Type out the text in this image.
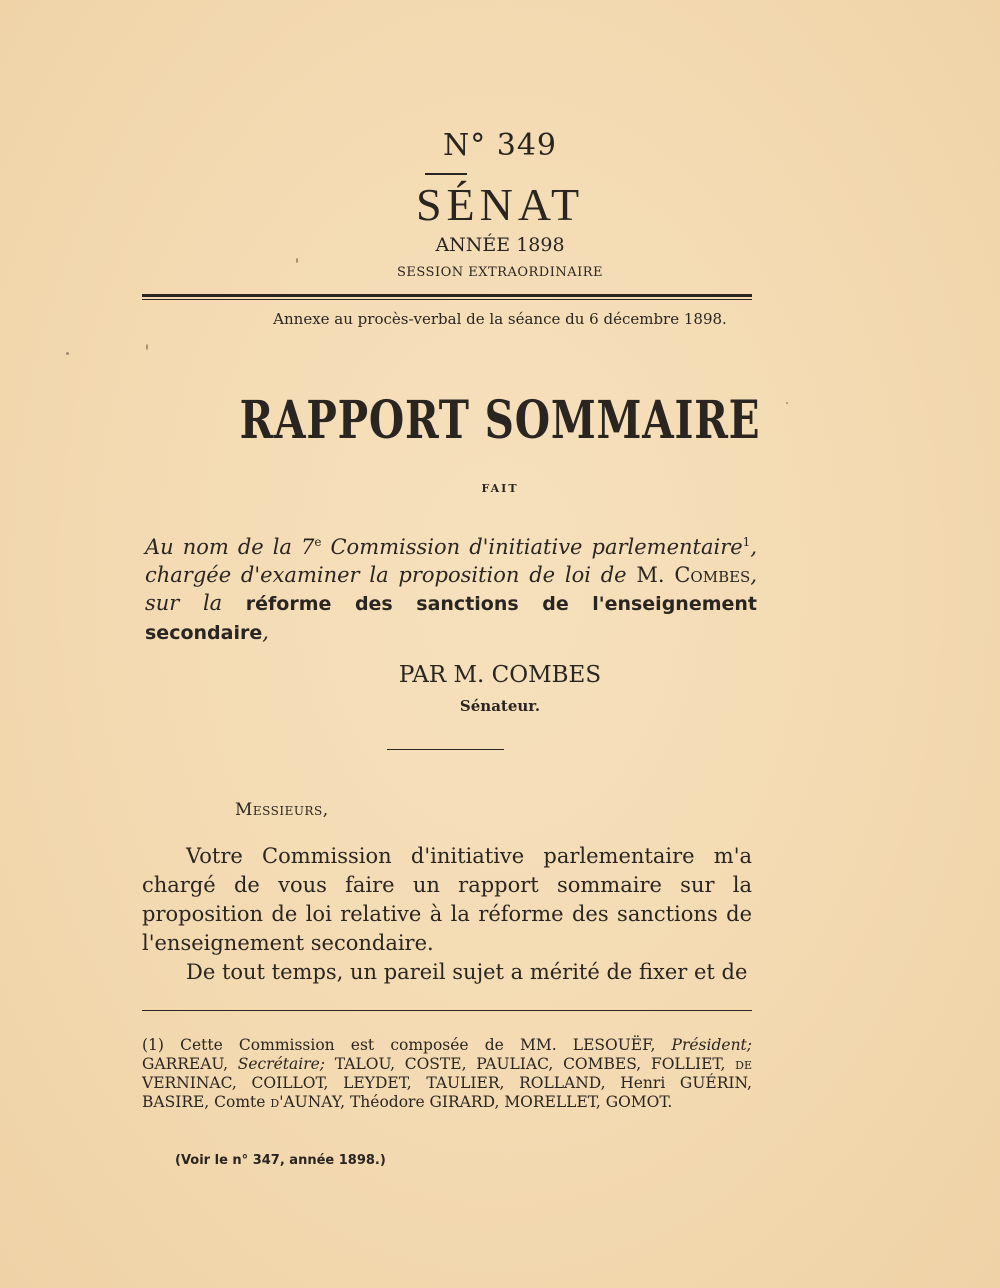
N° 349
SÉNAT
ANNÉE 1898
SESSION EXTRAORDINAIRE
Annexe au procès-verbal de la séance du 6 décembre 1898.
RAPPORT SOMMAIRE
FAIT
Au nom de la 7e Commission d'initiative parlementaire$^1$, chargée d'examiner la proposition de loi de M. Combes, sur la réforme des sanctions de l'enseignement secondaire,
PAR M. COMBES
Sénateur.
Messieurs,

Votre Commission d'initiative parlementaire m'a chargé de vous faire un rapport sommaire sur la proposition de loi relative à la réforme des sanctions de l'enseignement secondaire.

De tout temps, un pareil sujet a mérité de fixer et de

(1) Cette Commission est composée de MM. LESOUËF, Président; GARREAU, Secrétaire; TALOU, COSTE, PAULIAC, COMBES, FOLLIET, de VERNINAC, COILLOT, LEYDET, TAULIER, ROLLAND, Henri GUÉRIN, BASIRE, Comte d'AUNAY, Théodore GIRARD, MORELLET, GOMOT.
(Voir le n° 347, année 1898.)
